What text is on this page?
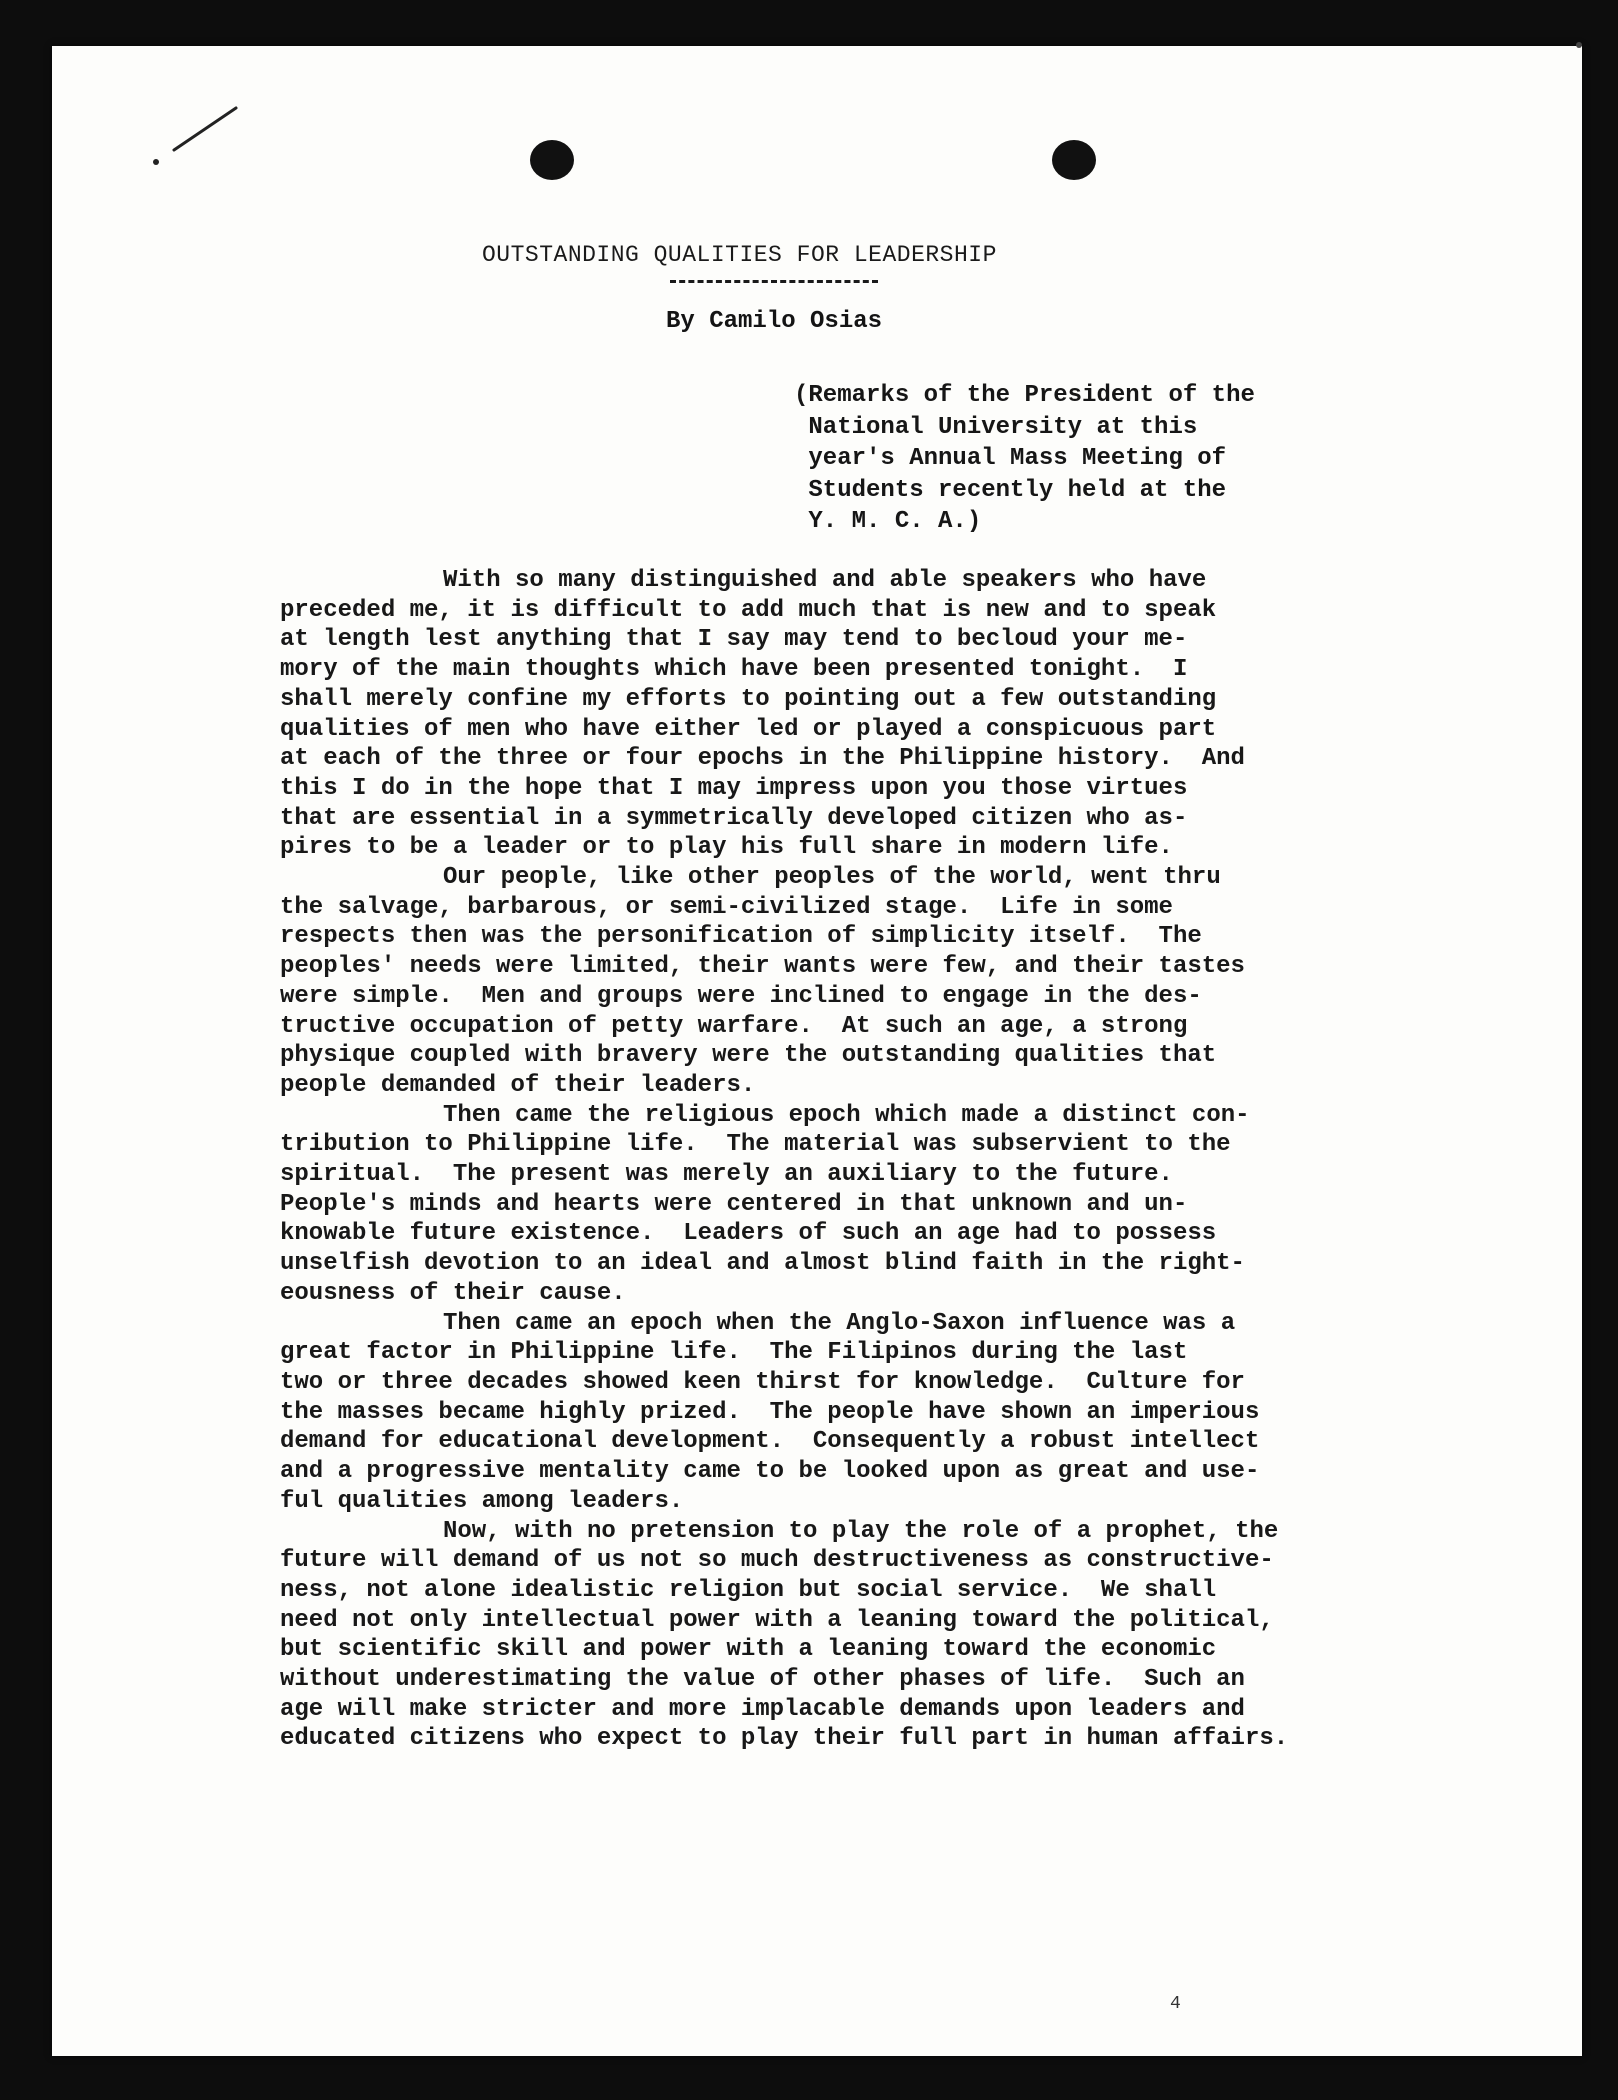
OUTSTANDING QUALITIES FOR LEADERSHIP
By Camilo Osias
(Remarks of the President of the
National University at this
year's Annual Mass Meeting of
Students recently held at the
Y. M. C. A.)
With so many distinguished and able speakers who have
preceded me, it is difficult to add much that is new and to speak
at length lest anything that I say may tend to becloud your me-
mory of the main thoughts which have been presented tonight.  I
shall merely confine my efforts to pointing out a few outstanding
qualities of men who have either led or played a conspicuous part
at each of the three or four epochs in the Philippine history.  And
this I do in the hope that I may impress upon you those virtues
that are essential in a symmetrically developed citizen who as-
pires to be a leader or to play his full share in modern life.
Our people, like other peoples of the world, went thru
the salvage, barbarous, or semi-civilized stage.  Life in some
respects then was the personification of simplicity itself.  The
peoples' needs were limited, their wants were few, and their tastes
were simple.  Men and groups were inclined to engage in the des-
tructive occupation of petty warfare.  At such an age, a strong
physique coupled with bravery were the outstanding qualities that
people demanded of their leaders.
Then came the religious epoch which made a distinct con-
tribution to Philippine life.  The material was subservient to the
spiritual.  The present was merely an auxiliary to the future.
People's minds and hearts were centered in that unknown and un-
knowable future existence.  Leaders of such an age had to possess
unselfish devotion to an ideal and almost blind faith in the right-
eousness of their cause.
Then came an epoch when the Anglo-Saxon influence was a
great factor in Philippine life.  The Filipinos during the last
two or three decades showed keen thirst for knowledge.  Culture for
the masses became highly prized.  The people have shown an imperious
demand for educational development.  Consequently a robust intellect
and a progressive mentality came to be looked upon as great and use-
ful qualities among leaders.
Now, with no pretension to play the role of a prophet, the
future will demand of us not so much destructiveness as constructive-
ness, not alone idealistic religion but social service.  We shall
need not only intellectual power with a leaning toward the political,
but scientific skill and power with a leaning toward the economic
without underestimating the value of other phases of life.  Such an
age will make stricter and more implacable demands upon leaders and
educated citizens who expect to play their full part in human affairs.
4
